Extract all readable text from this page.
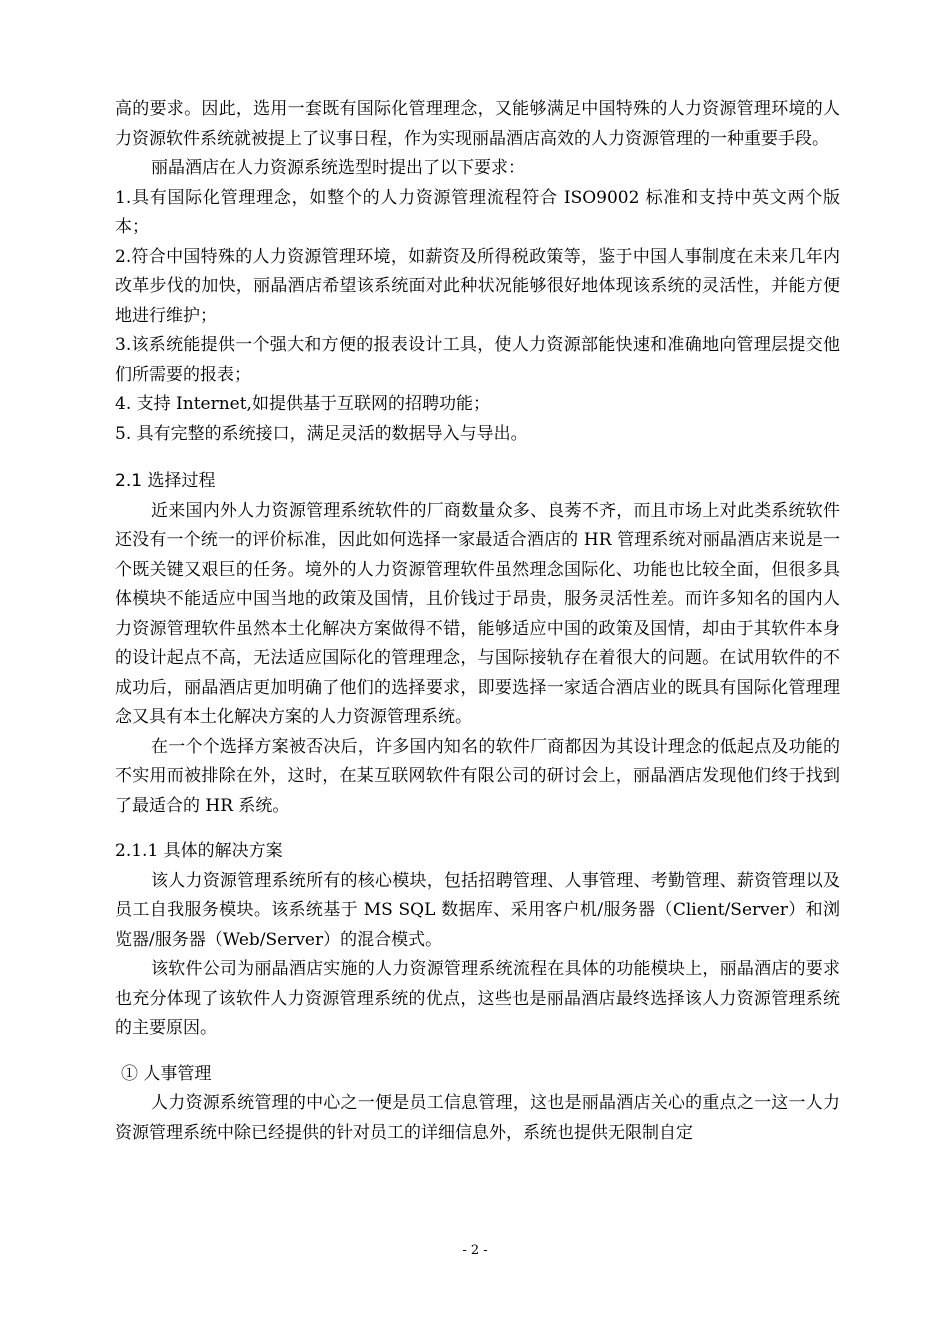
高的要求。因此，选用一套既有国际化管理理念，又能够满足中国特殊的人力资源管理环境的人力资源软件系统就被提上了议事日程，作为实现丽晶酒店高效的人力资源管理的一种重要手段。

丽晶酒店在人力资源系统选型时提出了以下要求：

1.具有国际化管理理念，如整个的人力资源管理流程符合 ISO9002 标准和支持中英文两个版本；

2.符合中国特殊的人力资源管理环境，如薪资及所得税政策等，鉴于中国人事制度在未来几年内改革步伐的加快，丽晶酒店希望该系统面对此种状况能够很好地体现该系统的灵活性，并能方便地进行维护；

3.该系统能提供一个强大和方便的报表设计工具，使人力资源部能快速和准确地向管理层提交他们所需要的报表；

4. 支持 Internet,如提供基于互联网的招聘功能；

5. 具有完整的系统接口，满足灵活的数据导入与导出。

2.1 选择过程

近来国内外人力资源管理系统软件的厂商数量众多、良莠不齐，而且市场上对此类系统软件还没有一个统一的评价标准，因此如何选择一家最适合酒店的 HR 管理系统对丽晶酒店来说是一个既关键又艰巨的任务。境外的人力资源管理软件虽然理念国际化、功能也比较全面，但很多具体模块不能适应中国当地的政策及国情，且价钱过于昂贵，服务灵活性差。而许多知名的国内人力资源管理软件虽然本土化解决方案做得不错，能够适应中国的政策及国情，却由于其软件本身的设计起点不高，无法适应国际化的管理理念，与国际接轨存在着很大的问题。在试用软件的不成功后，丽晶酒店更加明确了他们的选择要求，即要选择一家适合酒店业的既具有国际化管理理念又具有本土化解决方案的人力资源管理系统。

在一个个选择方案被否决后，许多国内知名的软件厂商都因为其设计理念的低起点及功能的不实用而被排除在外，这时，在某互联网软件有限公司的研讨会上，丽晶酒店发现他们终于找到了最适合的 HR 系统。

2.1.1 具体的解决方案

该人力资源管理系统所有的核心模块，包括招聘管理、人事管理、考勤管理、薪资管理以及员工自我服务模块。该系统基于 MS SQL 数据库、采用客户机/服务器（Client/Server）和浏览器/服务器（Web/Server）的混合模式。

该软件公司为丽晶酒店实施的人力资源管理系统流程在具体的功能模块上，丽晶酒店的要求也充分体现了该软件人力资源管理系统的优点，这些也是丽晶酒店最终选择该人力资源管理系统的主要原因。

① 人事管理

人力资源系统管理的中心之一便是员工信息管理，这也是丽晶酒店关心的重点之一这一人力资源管理系统中除已经提供的针对员工的详细信息外，系统也提供无限制自定

- 2 -
